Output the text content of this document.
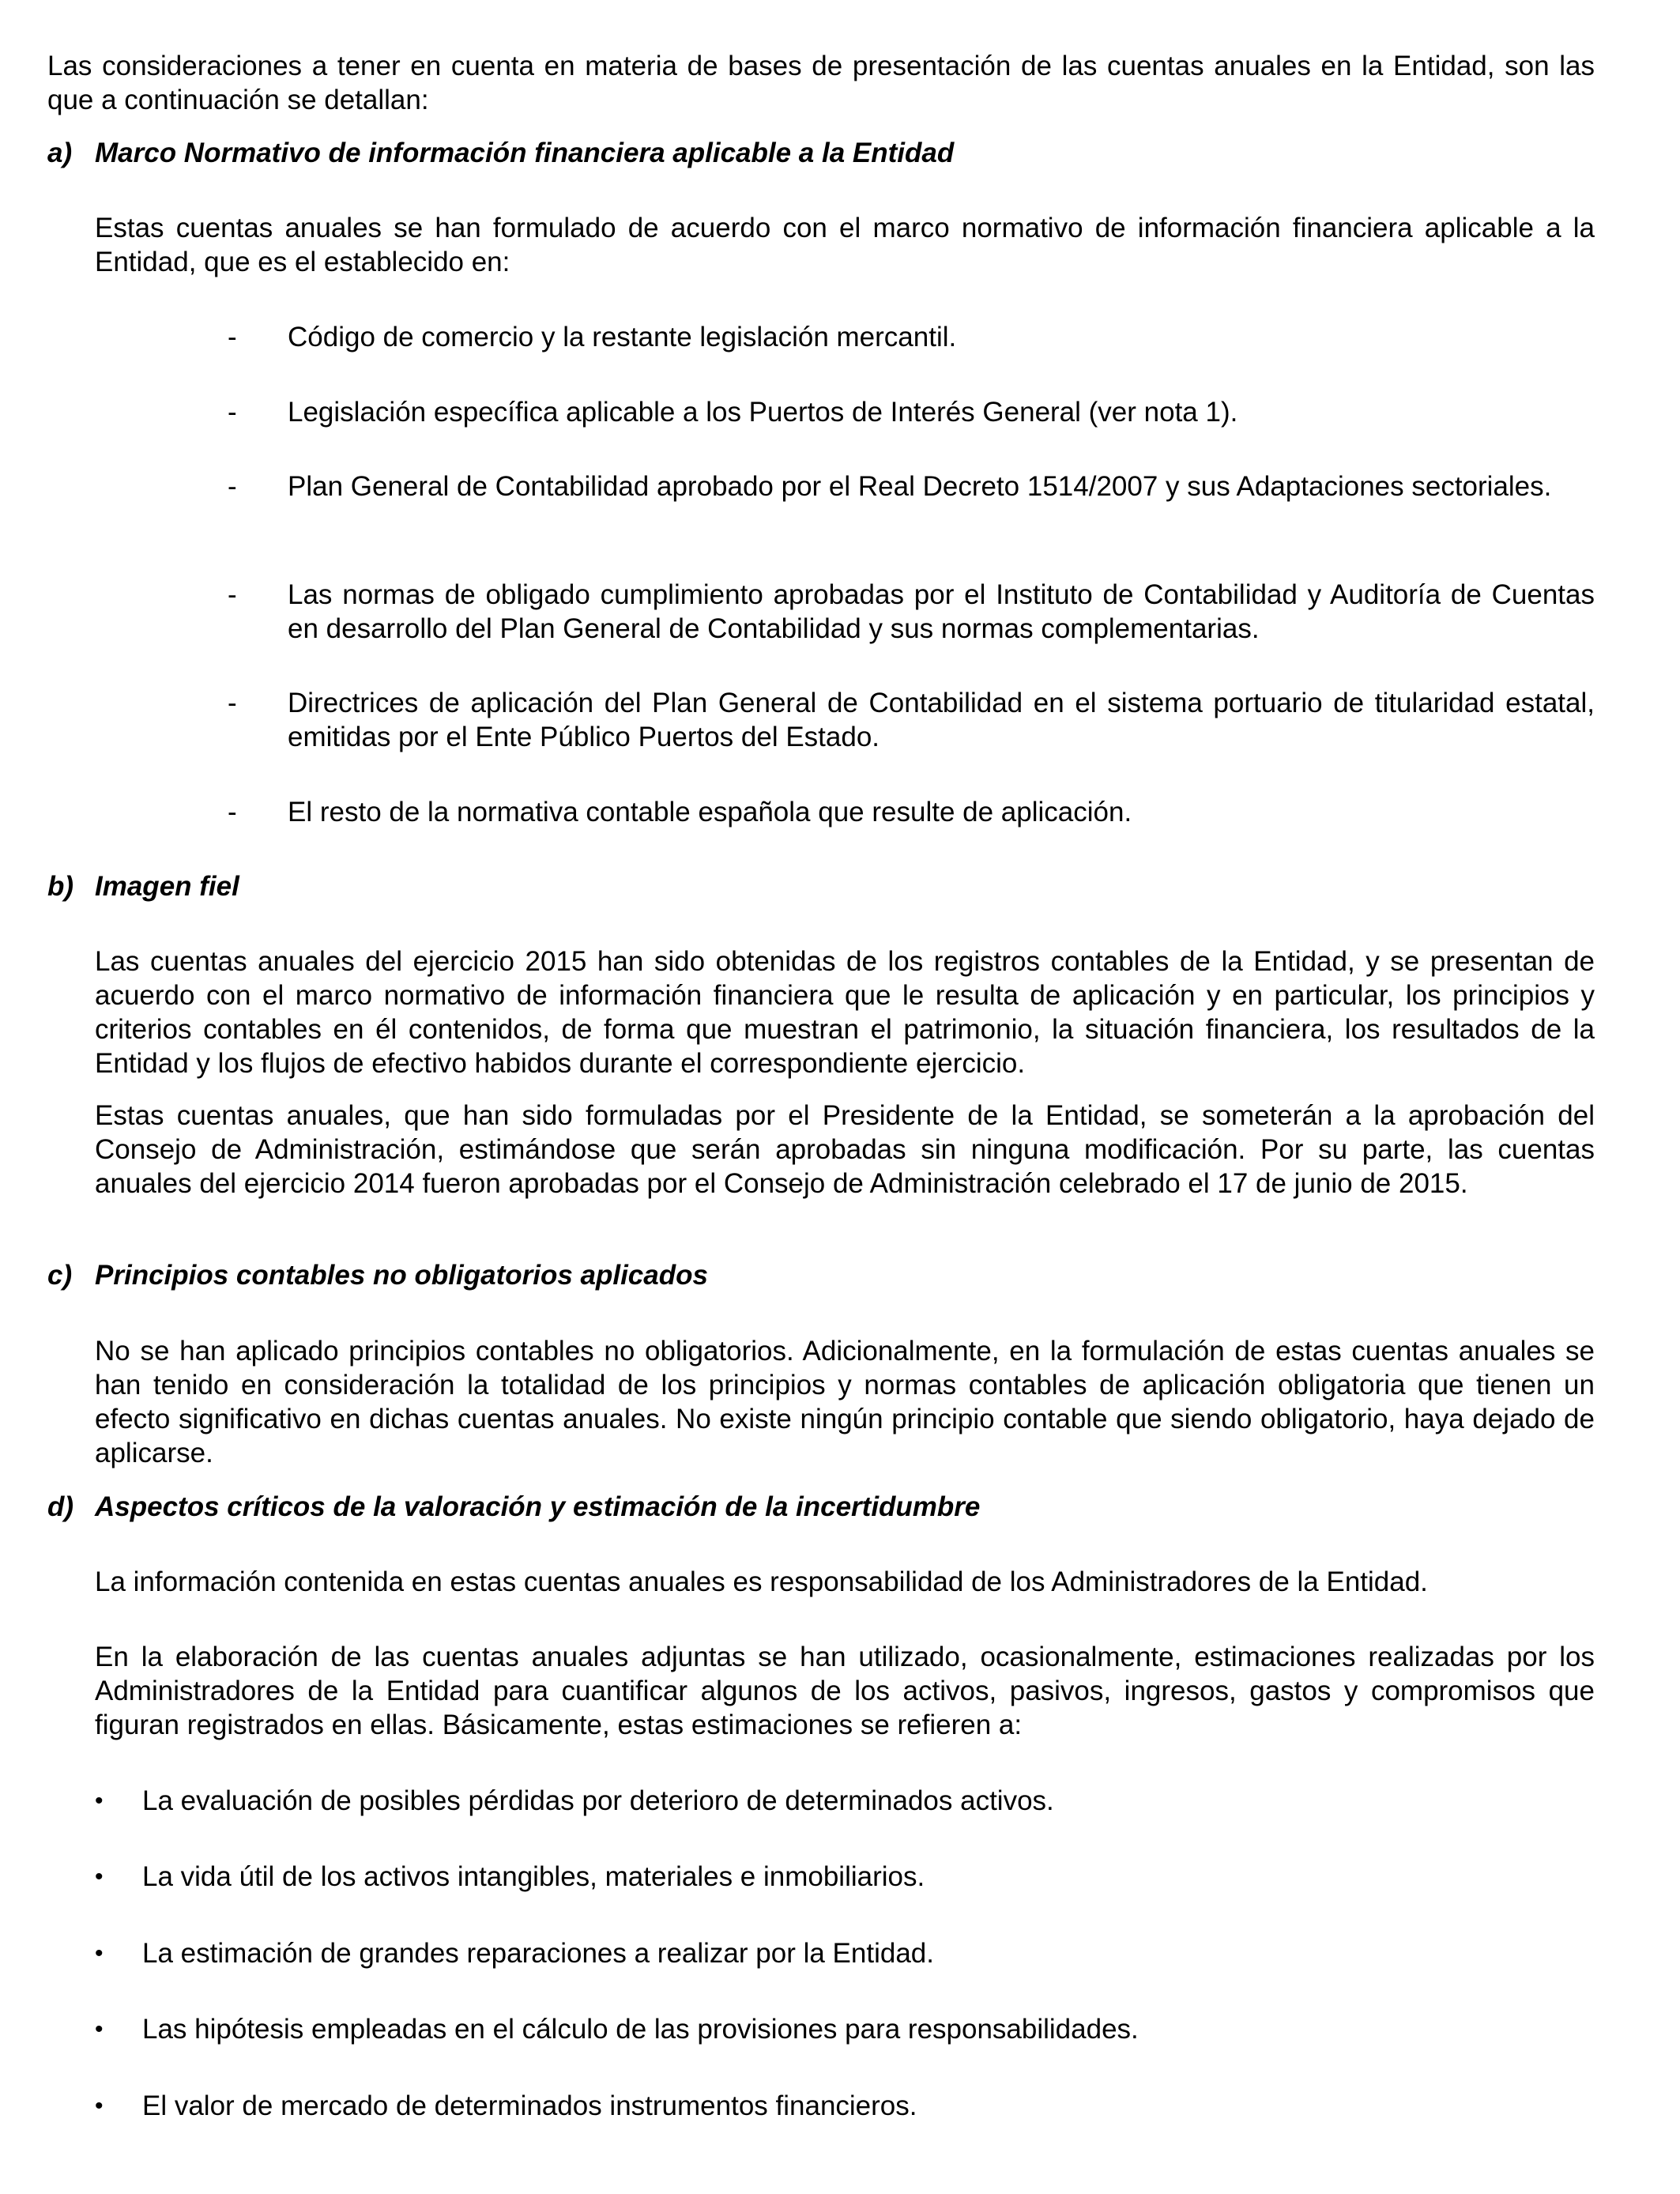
Las consideraciones a tener en cuenta en materia de bases de presentación de las cuentas anuales en la Entidad, son las que a continuación se detallan:

a) Marco Normativo de información financiera aplicable a la Entidad

Estas cuentas anuales se han formulado de acuerdo con el marco normativo de información financiera aplicable a la Entidad, que es el establecido en:

- Código de comercio y la restante legislación mercantil.

- Legislación específica aplicable a los Puertos de Interés General (ver nota 1).

- Plan General de Contabilidad aprobado por el Real Decreto 1514/2007 y sus Adaptaciones sectoriales.

- Las normas de obligado cumplimiento aprobadas por el Instituto de Contabilidad y Auditoría de Cuentas en desarrollo del Plan General de Contabilidad y sus normas complementarias.

- Directrices de aplicación del Plan General de Contabilidad en el sistema portuario de titularidad estatal, emitidas por el Ente Público Puertos del Estado.

- El resto de la normativa contable española que resulte de aplicación.

b) Imagen fiel

Las cuentas anuales del ejercicio 2015 han sido obtenidas de los registros contables de la Entidad, y se presentan de acuerdo con el marco normativo de información financiera que le resulta de aplicación y en particular, los principios y criterios contables en él contenidos, de forma que muestran el patrimonio, la situación financiera, los resultados de la Entidad y los flujos de efectivo habidos durante el correspondiente ejercicio.

Estas cuentas anuales, que han sido formuladas por el Presidente de la Entidad, se someterán a la aprobación del Consejo de Administración, estimándose que serán aprobadas sin ninguna modificación. Por su parte, las cuentas anuales del ejercicio 2014 fueron aprobadas por el Consejo de Administración celebrado el 17 de junio de 2015.

c) Principios contables no obligatorios aplicados

No se han aplicado principios contables no obligatorios. Adicionalmente, en la formulación de estas cuentas anuales se han tenido en consideración la totalidad de los principios y normas contables de aplicación obligatoria que tienen un efecto significativo en dichas cuentas anuales. No existe ningún principio contable que siendo obligatorio, haya dejado de aplicarse.

d) Aspectos críticos de la valoración y estimación de la incertidumbre

La información contenida en estas cuentas anuales es responsabilidad de los Administradores de la Entidad.

En la elaboración de las cuentas anuales adjuntas se han utilizado, ocasionalmente, estimaciones realizadas por los Administradores de la Entidad para cuantificar algunos de los activos, pasivos, ingresos, gastos y compromisos que figuran registrados en ellas. Básicamente, estas estimaciones se refieren a:

• La evaluación de posibles pérdidas por deterioro de determinados activos.
• La vida útil de los activos intangibles, materiales e inmobiliarios.
• La estimación de grandes reparaciones a realizar por la Entidad.
• Las hipótesis empleadas en el cálculo de las provisiones para responsabilidades.
• El valor de mercado de determinados instrumentos financieros.
